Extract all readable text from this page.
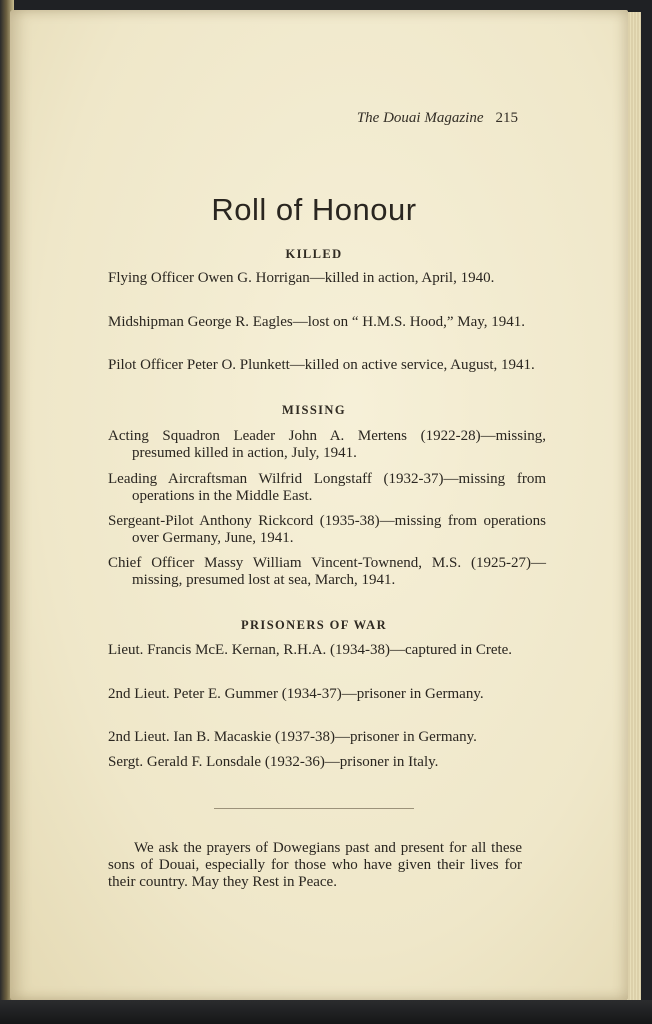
The Douai Magazine 215
Roll of Honour
KILLED
Flying Officer Owen G. Horrigan—killed in action, April, 1940.
Midshipman George R. Eagles—lost on “ H.M.S. Hood,” May, 1941.
Pilot Officer Peter O. Plunkett—killed on active service, August, 1941.
MISSING
Acting Squadron Leader John A. Mertens (1922-28)—missing, presumed killed in action, July, 1941.
Leading Aircraftsman Wilfrid Longstaff (1932-37)—missing from operations in the Middle East.
Sergeant-Pilot Anthony Rickcord (1935-38)—missing from operations over Germany, June, 1941.
Chief Officer Massy William Vincent-Townend, M.S. (1925-27)—missing, presumed lost at sea, March, 1941.
PRISONERS OF WAR
Lieut. Francis McE. Kernan, R.H.A. (1934-38)—captured in Crete.
2nd Lieut. Peter E. Gummer (1934-37)—prisoner in Germany.
2nd Lieut. Ian B. Macaskie (1937-38)—prisoner in Germany.
Sergt. Gerald F. Lonsdale (1932-36)—prisoner in Italy.
We ask the prayers of Dowegians past and present for all these sons of Douai, especially for those who have given their lives for their country. May they Rest in Peace.
